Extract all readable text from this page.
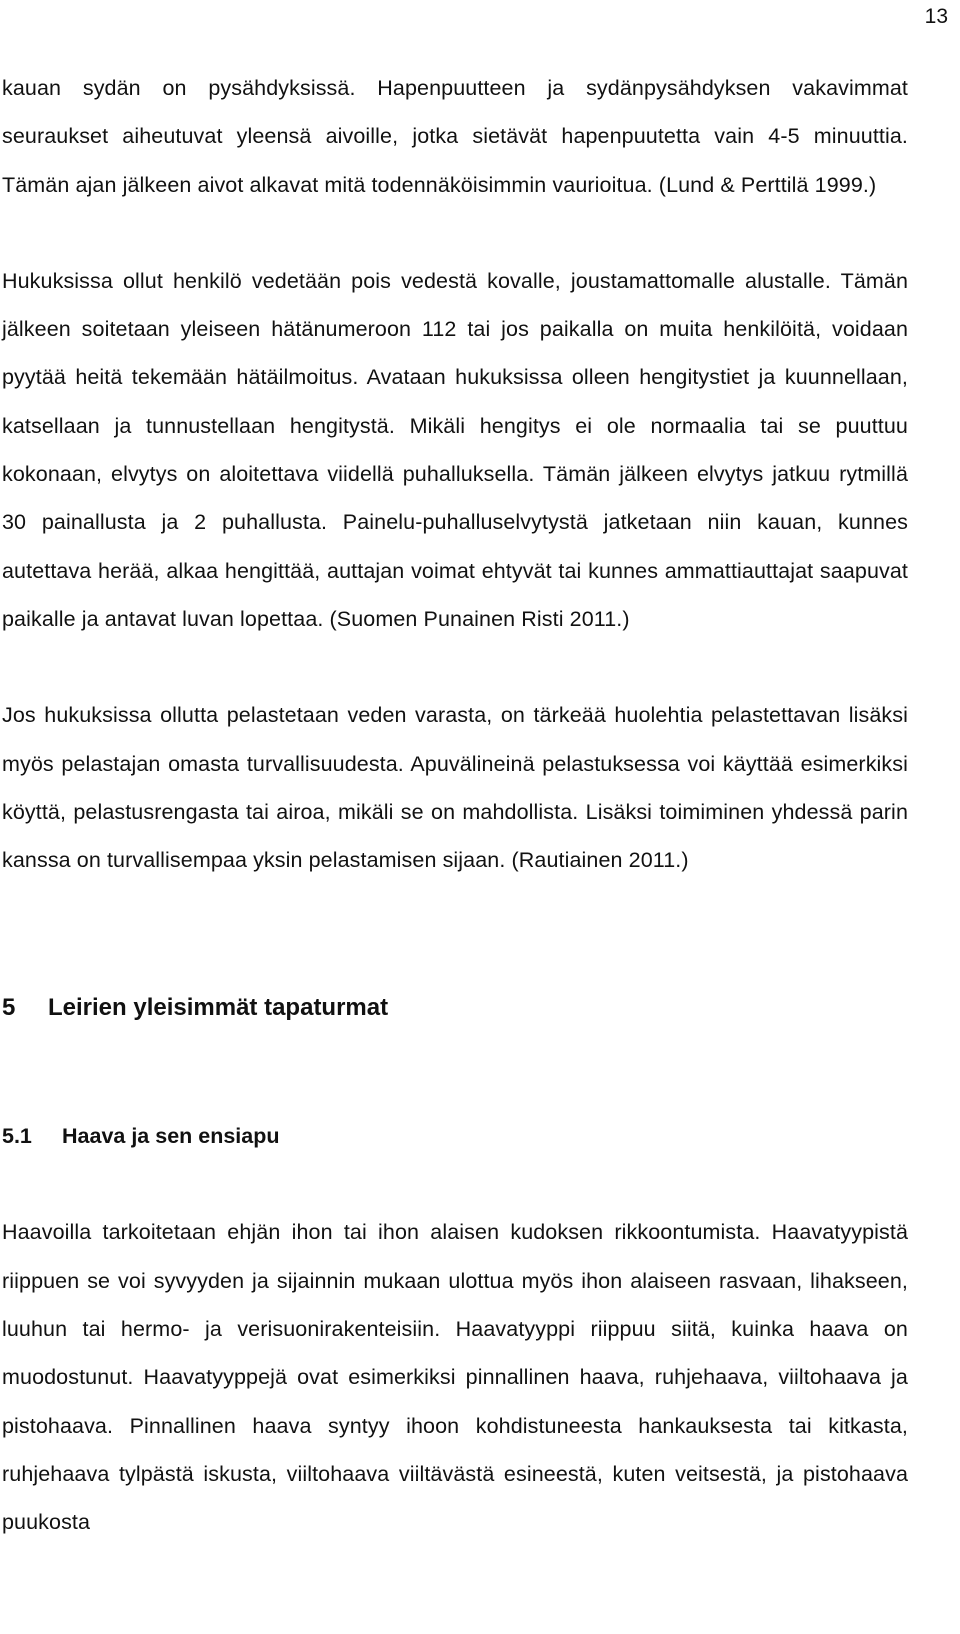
13

kauan sydän on pysähdyksissä. Hapenpuutteen ja sydänpysähdyksen vakavimmat seuraukset aiheutuvat yleensä aivoille, jotka sietävät hapenpuutetta vain 4-5 minuuttia. Tämän ajan jälkeen aivot alkavat mitä todennäköisimmin vaurioitua. (Lund & Perttilä 1999.)

Hukuksissa ollut henkilö vedetään pois vedestä kovalle, joustamattomalle alustalle. Tämän jälkeen soitetaan yleiseen hätänumeroon 112 tai jos paikalla on muita henkilöitä, voidaan pyytää heitä tekemään hätäilmoitus. Avataan hukuksissa olleen hengitystiet ja kuunnellaan, katsellaan ja tunnustellaan hengitystä. Mikäli hengitys ei ole normaalia tai se puuttuu kokonaan, elvytys on aloitettava viidellä puhalluksella. Tämän jälkeen elvytys jatkuu rytmillä 30 painallusta ja 2 puhallusta. Painelu-puhalluselvytystä jatketaan niin kauan, kunnes autettava herää, alkaa hengittää, auttajan voimat ehtyvät tai kunnes ammattiauttajat saapuvat paikalle ja antavat luvan lopettaa. (Suomen Punainen Risti 2011.)

Jos hukuksissa ollutta pelastetaan veden varasta, on tärkeää huolehtia pelastettavan lisäksi myös pelastajan omasta turvallisuudesta. Apuvälineinä pelastuksessa voi käyttää esimerkiksi köyttä, pelastusrengasta tai airoa, mikäli se on mahdollista. Lisäksi toimiminen yhdessä parin kanssa on turvallisempaa yksin pelastamisen sijaan. (Rautiainen 2011.)

5 Leirien yleisimmät tapaturmat
5.1 Haava ja sen ensiapu

Haavoilla tarkoitetaan ehjän ihon tai ihon alaisen kudoksen rikkoontumista. Haavatyypistä riippuen se voi syvyyden ja sijainnin mukaan ulottua myös ihon alaiseen rasvaan, lihakseen, luuhun tai hermo- ja verisuonirakenteisiin. Haavatyyppi riippuu siitä, kuinka haava on muodostunut. Haavatyyppejä ovat esimerkiksi pinnallinen haava, ruhjehaava, viiltohaava ja pistohaava. Pinnallinen haava syntyy ihoon kohdistuneesta hankauksesta tai kitkasta, ruhjehaava tylpästä iskusta, viiltohaava viiltävästä esineestä, kuten veitsestä, ja pistohaava puukosta
